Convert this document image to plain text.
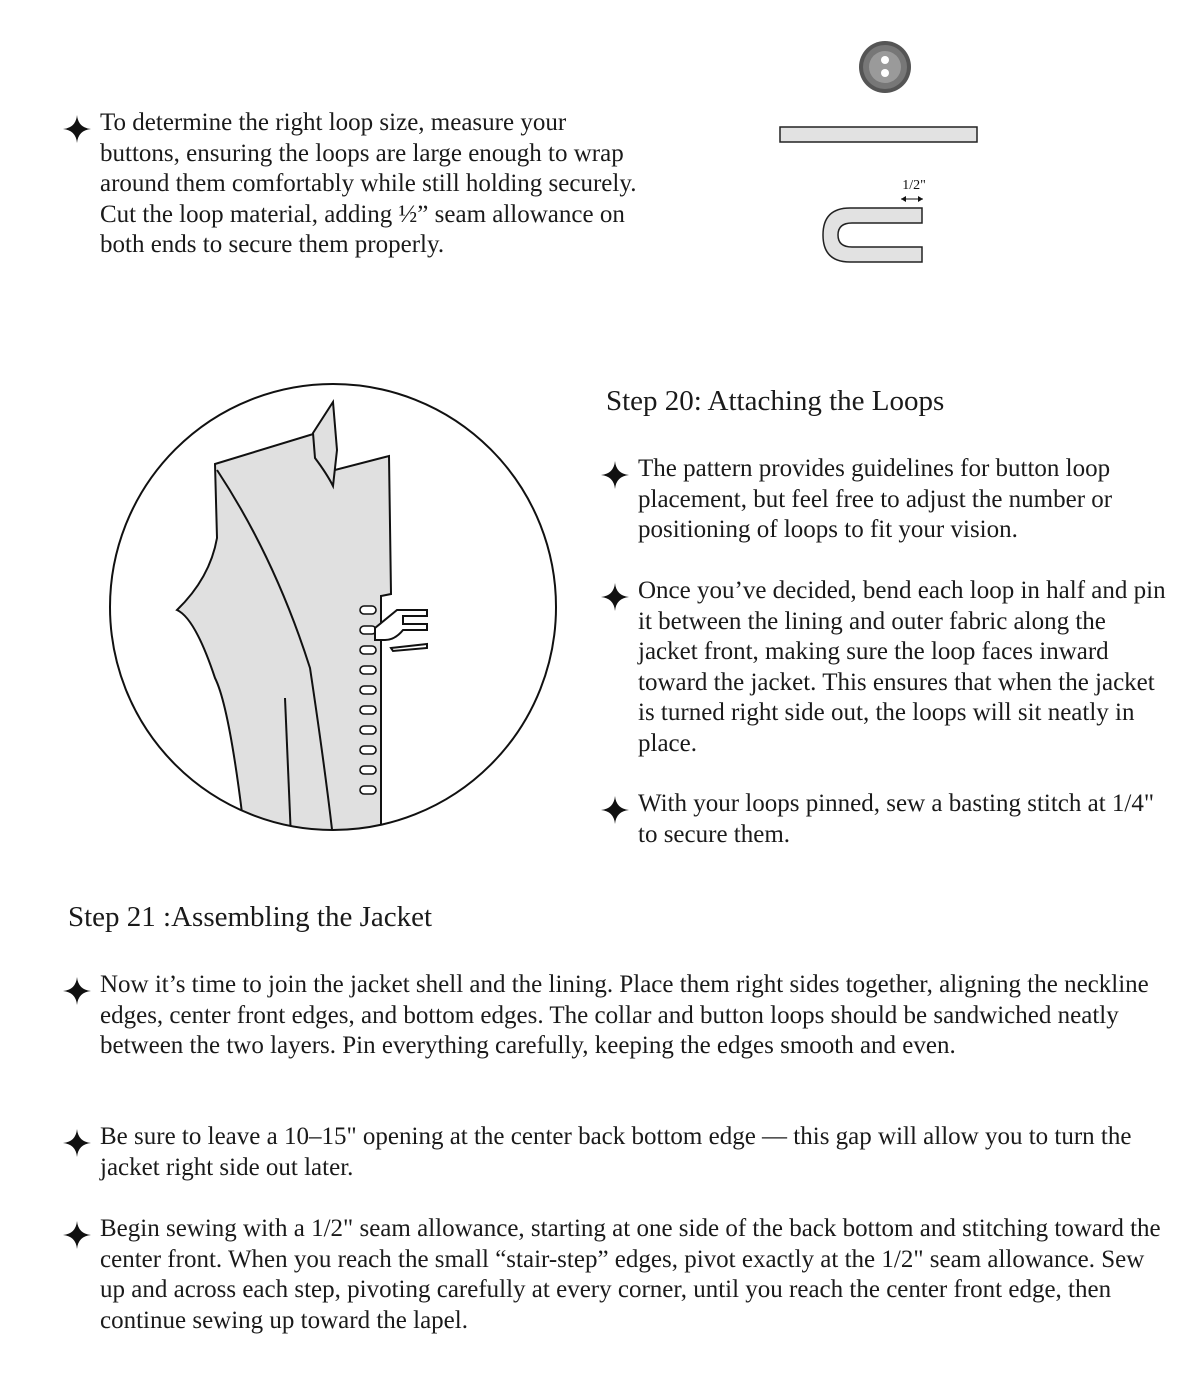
To determine the right loop size, measure your buttons, ensuring the loops are large enough to wrap around them comfortably while still holding securely. Cut the loop material, adding ½” seam allowance on both ends to secure them properly.

1/2"
Step 20: Attaching the Loops

The pattern provides guidelines for button loop placement, but feel free to adjust the number or positioning of loops to fit your vision.

Once you’ve decided, bend each loop in half and pin it between the lining and outer fabric along the jacket front, making sure the loop faces inward toward the jacket. This ensures that when the jacket is turned right side out, the loops will sit neatly in place.

With your loops pinned, sew a basting stitch at 1/4" to secure them.

Step 21 :Assembling the Jacket

Now it’s time to join the jacket shell and the lining. Place them right sides together, aligning the neckline edges, center front edges, and bottom edges. The collar and button loops should be sandwiched neatly between the two layers. Pin everything carefully, keeping the edges smooth and even.

Be sure to leave a 10–15" opening at the center back bottom edge — this gap will allow you to turn the jacket right side out later.

Begin sewing with a 1/2" seam allowance, starting at one side of the back bottom and stitching toward the center front. When you reach the small “stair-step” edges, pivot exactly at the 1/2" seam allowance. Sew up and across each step, pivoting carefully at every corner, until you reach the center front edge, then continue sewing up toward the lapel.
